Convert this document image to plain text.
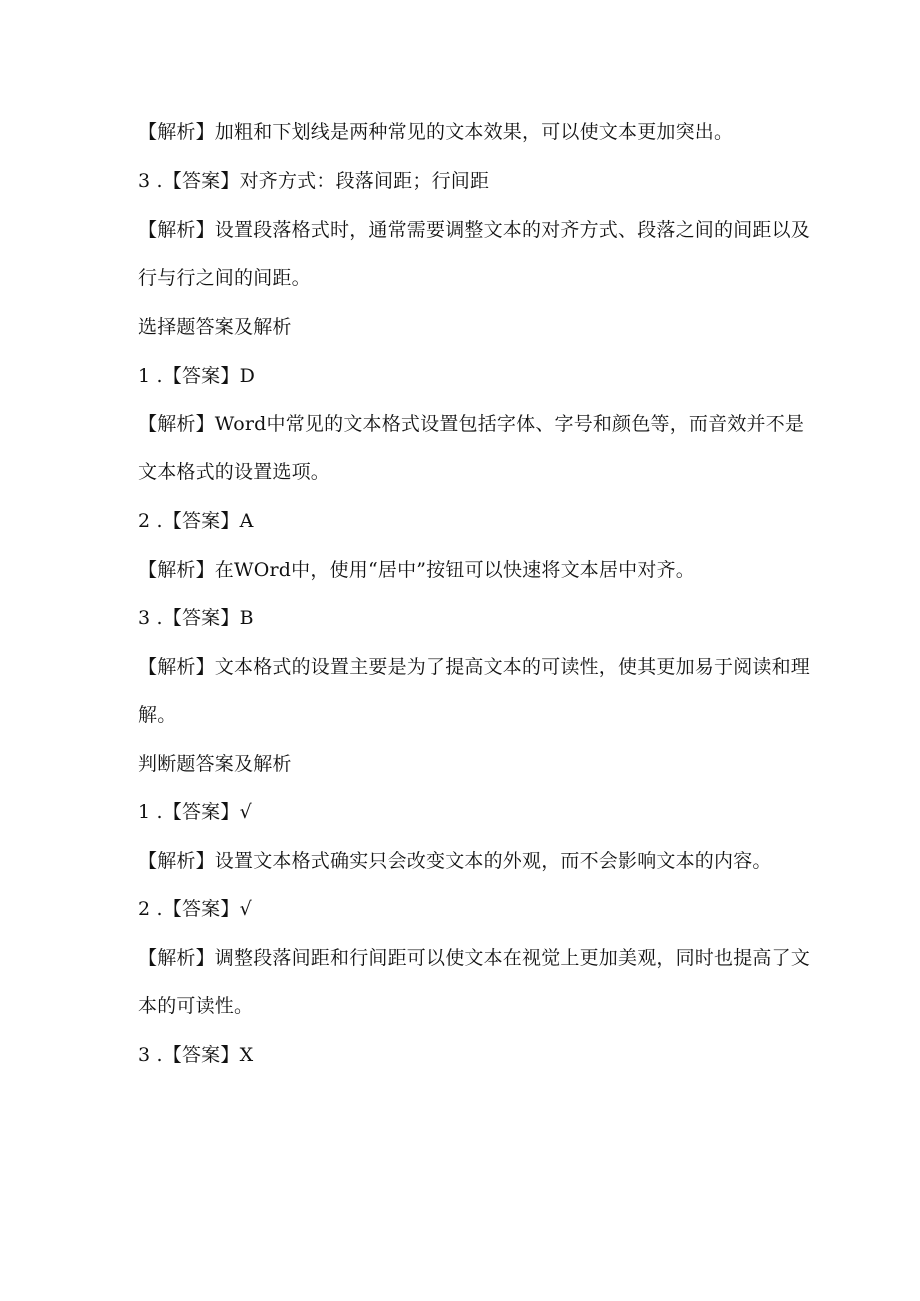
【解析】加粗和下划线是两种常见的文本效果，可以使文本更加突出。
3 .【答案】对齐方式：段落间距；行间距
【解析】设置段落格式时，通常需要调整文本的对齐方式、段落之间的间距以及
行与行之间的间距。
选择题答案及解析
1 .【答案】D
【解析】Word中常见的文本格式设置包括字体、字号和颜色等，而音效并不是
文本格式的设置选项。
2 .【答案】A
【解析】在WOrd中，使用“居中”按钮可以快速将文本居中对齐。
3 .【答案】B
【解析】文本格式的设置主要是为了提高文本的可读性，使其更加易于阅读和理
解。
判断题答案及解析
1 .【答案】√
【解析】设置文本格式确实只会改变文本的外观，而不会影响文本的内容。
2 .【答案】√
【解析】调整段落间距和行间距可以使文本在视觉上更加美观，同时也提高了文
本的可读性。
3 .【答案】X
